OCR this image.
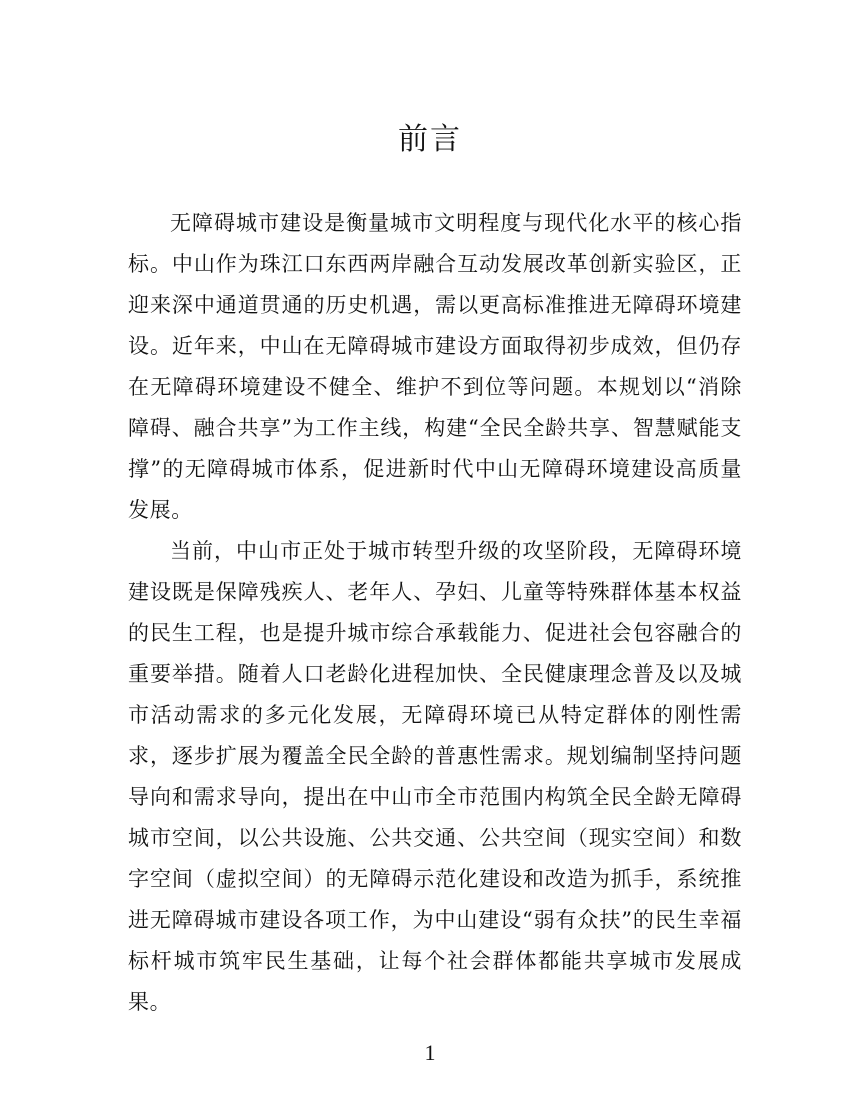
前言

无障碍城市建设是衡量城市文明程度与现代化水平的核心指标。中山作为珠江口东西两岸融合互动发展改革创新实验区，正迎来深中通道贯通的历史机遇，需以更高标准推进无障碍环境建设。近年来，中山在无障碍城市建设方面取得初步成效，但仍存在无障碍环境建设不健全、维护不到位等问题。本规划以“消除障碍、融合共享”为工作主线，构建“全民全龄共享、智慧赋能支撑”的无障碍城市体系，促进新时代中山无障碍环境建设高质量发展。

当前，中山市正处于城市转型升级的攻坚阶段，无障碍环境建设既是保障残疾人、老年人、孕妇、儿童等特殊群体基本权益的民生工程，也是提升城市综合承载能力、促进社会包容融合的重要举措。随着人口老龄化进程加快、全民健康理念普及以及城市活动需求的多元化发展，无障碍环境已从特定群体的刚性需求，逐步扩展为覆盖全民全龄的普惠性需求。规划编制坚持问题导向和需求导向，提出在中山市全市范围内构筑全民全龄无障碍城市空间，以公共设施、公共交通、公共空间（现实空间）和数字空间（虚拟空间）的无障碍示范化建设和改造为抓手，系统推进无障碍城市建设各项工作，为中山建设“弱有众扶”的民生幸福标杆城市筑牢民生基础，让每个社会群体都能共享城市发展成果。

1
